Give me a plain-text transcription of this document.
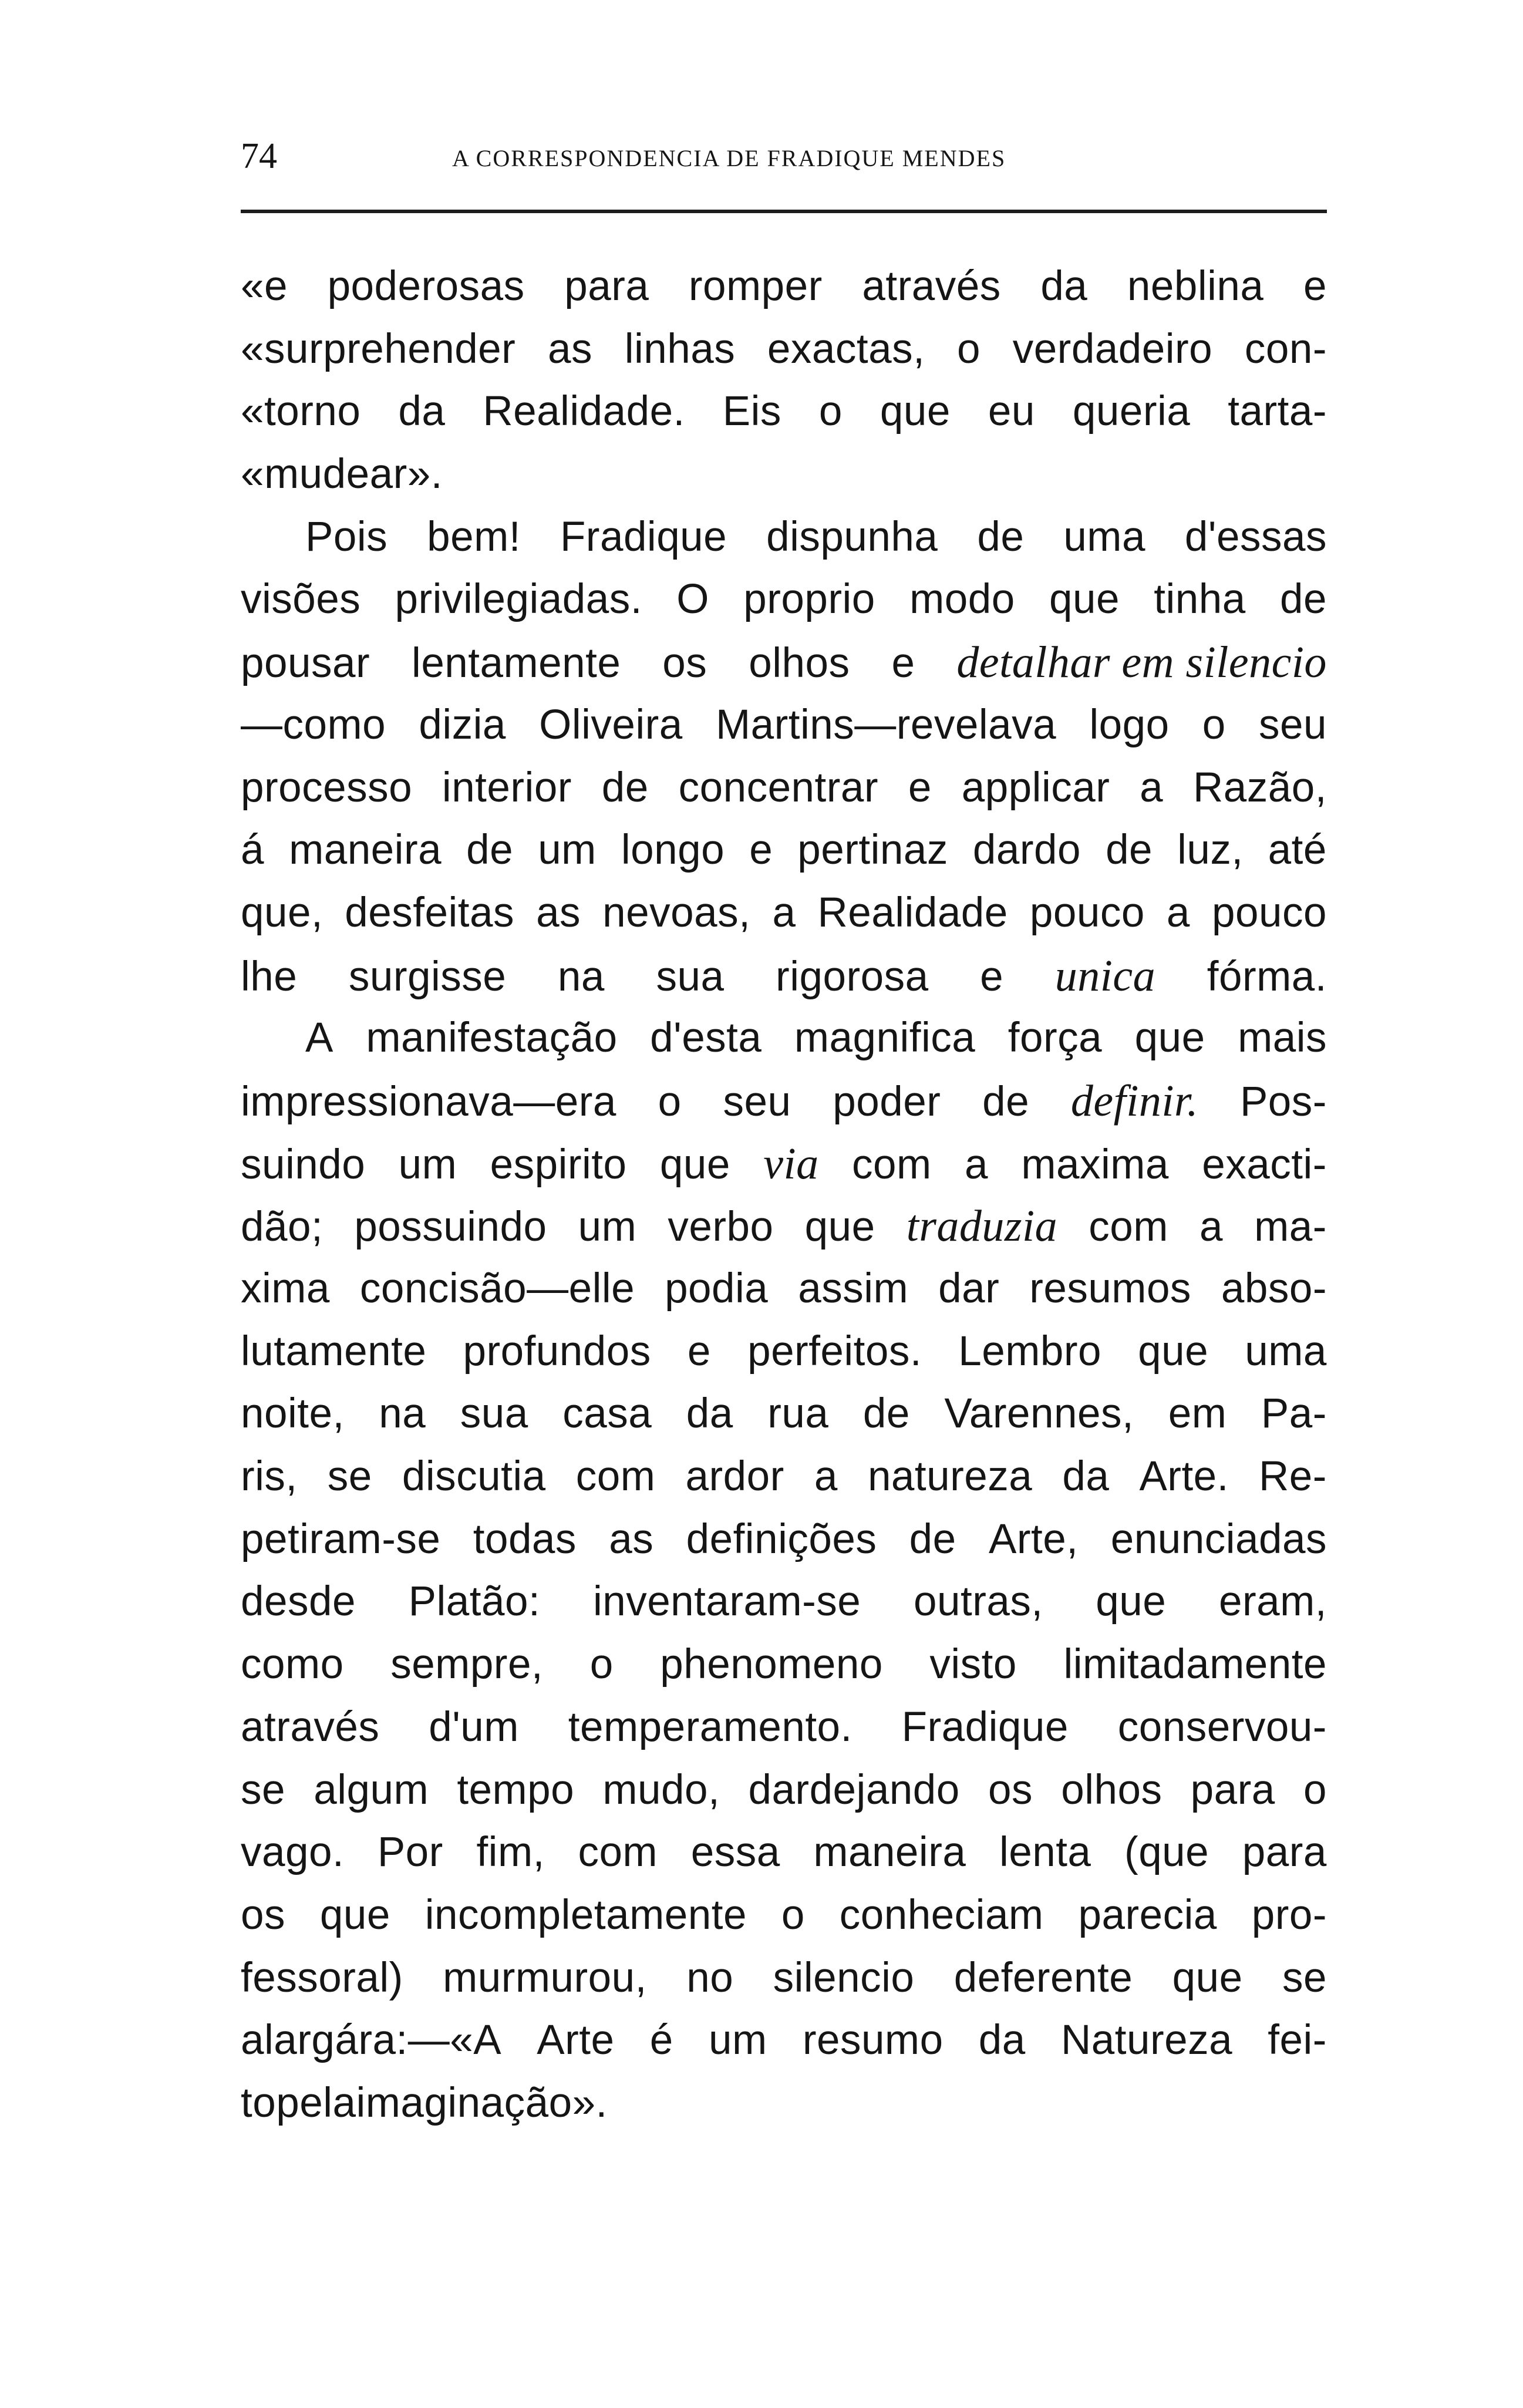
74	A CORRESPONDENCIA DE FRADIQUE MENDES
«e poderosas para romper através da neblina e
«surprehender as linhas exactas, o verdadeiro con-
«torno da Realidade. Eis o que eu queria tarta-
«mudear».
Pois bem! Fradique dispunha de uma d'essas
visões privilegiadas. O proprio modo que tinha de
pousar lentamente os olhos e detalhar em silencio
—como dizia Oliveira Martins—revelava logo o seu
processo interior de concentrar e applicar a Razão,
á maneira de um longo e pertinaz dardo de luz, até
que, desfeitas as nevoas, a Realidade pouco a pouco
lhe surgisse na sua rigorosa e unica fórma.
A manifestação d'esta magnifica força que mais
impressionava—era o seu poder de definir. Pos-
suindo um espirito que via com a maxima exacti-
dão; possuindo um verbo que traduzia com a ma-
xima concisão—elle podia assim dar resumos abso-
lutamente profundos e perfeitos. Lembro que uma
noite, na sua casa da rua de Varennes, em Pa-
ris, se discutia com ardor a natureza da Arte. Re-
petiram-se todas as definições de Arte, enunciadas
desde Platão: inventaram-se outras, que eram,
como sempre, o phenomeno visto limitadamente
através d'um temperamento. Fradique conservou-
se algum tempo mudo, dardejando os olhos para o
vago. Por fim, com essa maneira lenta (que para
os que incompletamente o conheciam parecia pro-
fessoral) murmurou, no silencio deferente que se
alargára:—«A Arte é um resumo da Natureza fei-
to pela imaginação».
